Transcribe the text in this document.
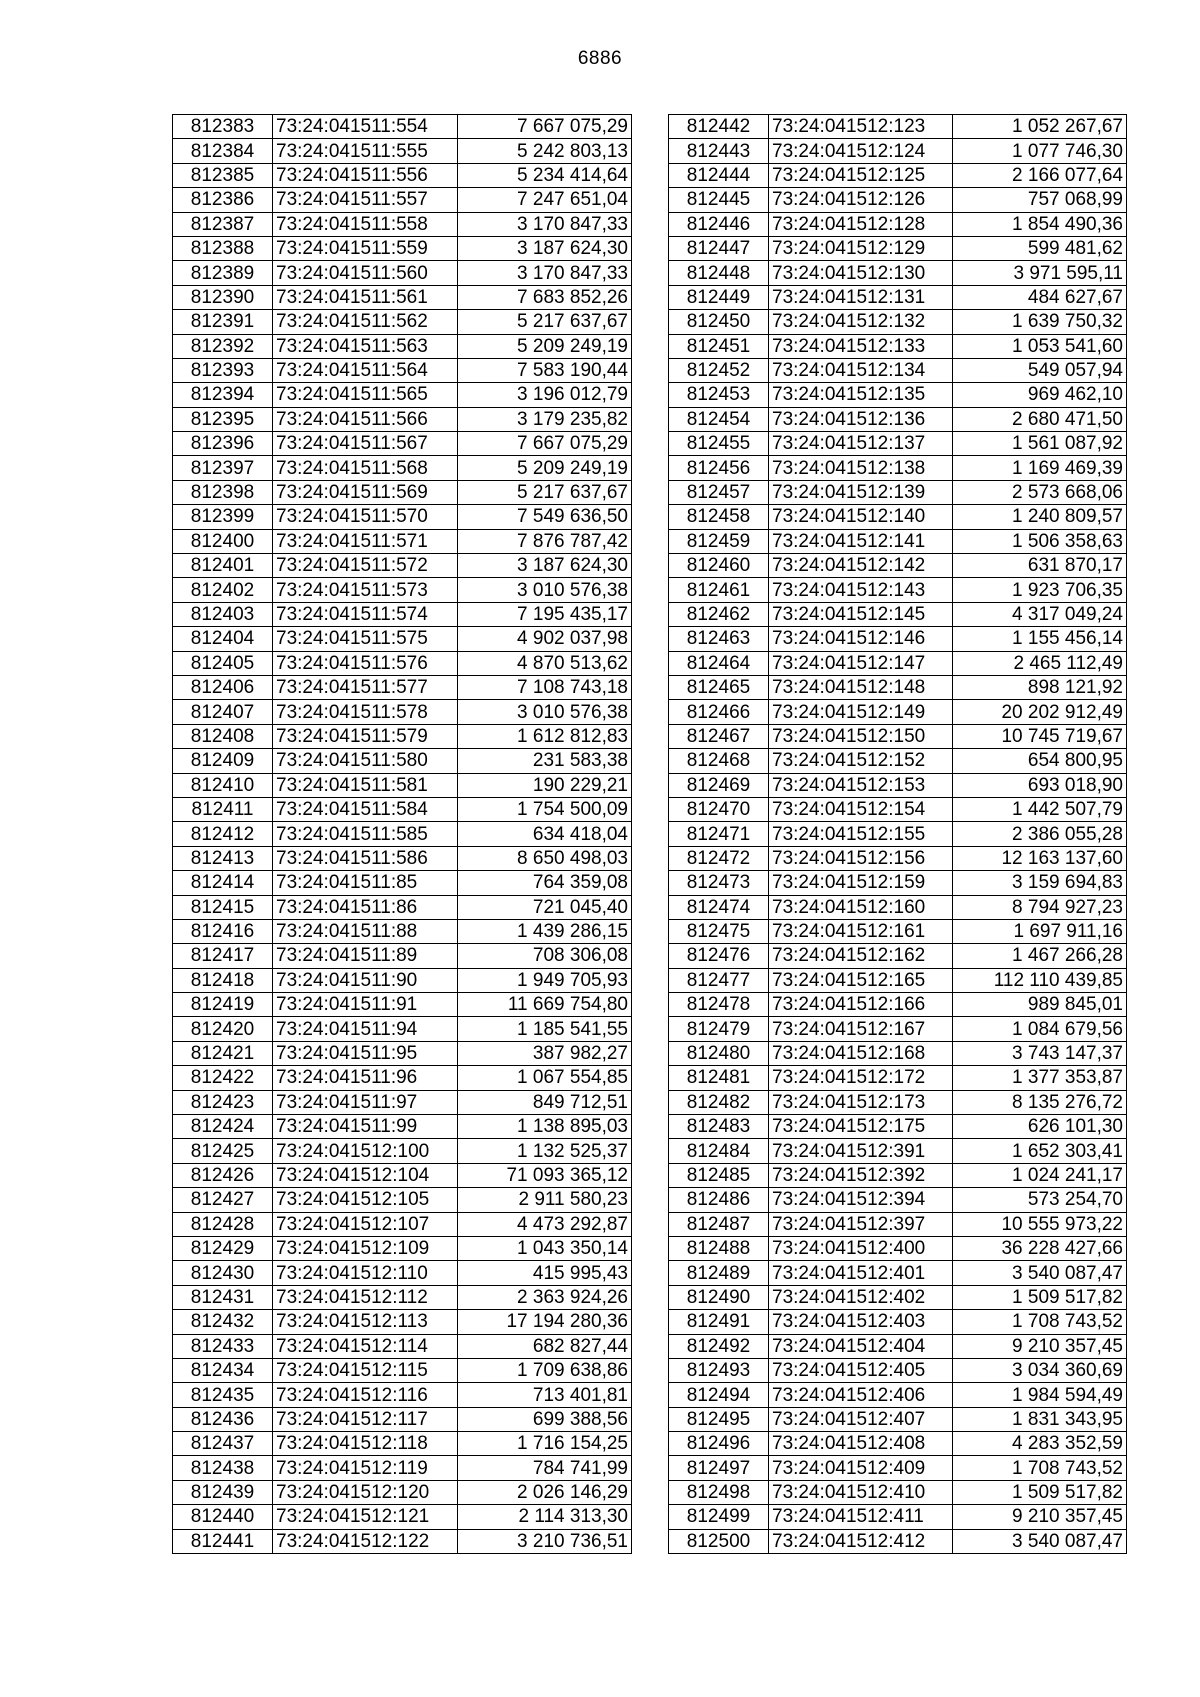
6886
812383	73:24:041511:554	7 667 075,29
812384	73:24:041511:555	5 242 803,13
812385	73:24:041511:556	5 234 414,64
812386	73:24:041511:557	7 247 651,04
812387	73:24:041511:558	3 170 847,33
812388	73:24:041511:559	3 187 624,30
812389	73:24:041511:560	3 170 847,33
812390	73:24:041511:561	7 683 852,26
812391	73:24:041511:562	5 217 637,67
812392	73:24:041511:563	5 209 249,19
812393	73:24:041511:564	7 583 190,44
812394	73:24:041511:565	3 196 012,79
812395	73:24:041511:566	3 179 235,82
812396	73:24:041511:567	7 667 075,29
812397	73:24:041511:568	5 209 249,19
812398	73:24:041511:569	5 217 637,67
812399	73:24:041511:570	7 549 636,50
812400	73:24:041511:571	7 876 787,42
812401	73:24:041511:572	3 187 624,30
812402	73:24:041511:573	3 010 576,38
812403	73:24:041511:574	7 195 435,17
812404	73:24:041511:575	4 902 037,98
812405	73:24:041511:576	4 870 513,62
812406	73:24:041511:577	7 108 743,18
812407	73:24:041511:578	3 010 576,38
812408	73:24:041511:579	1 612 812,83
812409	73:24:041511:580	231 583,38
812410	73:24:041511:581	190 229,21
812411	73:24:041511:584	1 754 500,09
812412	73:24:041511:585	634 418,04
812413	73:24:041511:586	8 650 498,03
812414	73:24:041511:85	764 359,08
812415	73:24:041511:86	721 045,40
812416	73:24:041511:88	1 439 286,15
812417	73:24:041511:89	708 306,08
812418	73:24:041511:90	1 949 705,93
812419	73:24:041511:91	11 669 754,80
812420	73:24:041511:94	1 185 541,55
812421	73:24:041511:95	387 982,27
812422	73:24:041511:96	1 067 554,85
812423	73:24:041511:97	849 712,51
812424	73:24:041511:99	1 138 895,03
812425	73:24:041512:100	1 132 525,37
812426	73:24:041512:104	71 093 365,12
812427	73:24:041512:105	2 911 580,23
812428	73:24:041512:107	4 473 292,87
812429	73:24:041512:109	1 043 350,14
812430	73:24:041512:110	415 995,43
812431	73:24:041512:112	2 363 924,26
812432	73:24:041512:113	17 194 280,36
812433	73:24:041512:114	682 827,44
812434	73:24:041512:115	1 709 638,86
812435	73:24:041512:116	713 401,81
812436	73:24:041512:117	699 388,56
812437	73:24:041512:118	1 716 154,25
812438	73:24:041512:119	784 741,99
812439	73:24:041512:120	2 026 146,29
812440	73:24:041512:121	2 114 313,30
812441	73:24:041512:122	3 210 736,51
812442	73:24:041512:123	1 052 267,67
812443	73:24:041512:124	1 077 746,30
812444	73:24:041512:125	2 166 077,64
812445	73:24:041512:126	757 068,99
812446	73:24:041512:128	1 854 490,36
812447	73:24:041512:129	599 481,62
812448	73:24:041512:130	3 971 595,11
812449	73:24:041512:131	484 627,67
812450	73:24:041512:132	1 639 750,32
812451	73:24:041512:133	1 053 541,60
812452	73:24:041512:134	549 057,94
812453	73:24:041512:135	969 462,10
812454	73:24:041512:136	2 680 471,50
812455	73:24:041512:137	1 561 087,92
812456	73:24:041512:138	1 169 469,39
812457	73:24:041512:139	2 573 668,06
812458	73:24:041512:140	1 240 809,57
812459	73:24:041512:141	1 506 358,63
812460	73:24:041512:142	631 870,17
812461	73:24:041512:143	1 923 706,35
812462	73:24:041512:145	4 317 049,24
812463	73:24:041512:146	1 155 456,14
812464	73:24:041512:147	2 465 112,49
812465	73:24:041512:148	898 121,92
812466	73:24:041512:149	20 202 912,49
812467	73:24:041512:150	10 745 719,67
812468	73:24:041512:152	654 800,95
812469	73:24:041512:153	693 018,90
812470	73:24:041512:154	1 442 507,79
812471	73:24:041512:155	2 386 055,28
812472	73:24:041512:156	12 163 137,60
812473	73:24:041512:159	3 159 694,83
812474	73:24:041512:160	8 794 927,23
812475	73:24:041512:161	1 697 911,16
812476	73:24:041512:162	1 467 266,28
812477	73:24:041512:165	112 110 439,85
812478	73:24:041512:166	989 845,01
812479	73:24:041512:167	1 084 679,56
812480	73:24:041512:168	3 743 147,37
812481	73:24:041512:172	1 377 353,87
812482	73:24:041512:173	8 135 276,72
812483	73:24:041512:175	626 101,30
812484	73:24:041512:391	1 652 303,41
812485	73:24:041512:392	1 024 241,17
812486	73:24:041512:394	573 254,70
812487	73:24:041512:397	10 555 973,22
812488	73:24:041512:400	36 228 427,66
812489	73:24:041512:401	3 540 087,47
812490	73:24:041512:402	1 509 517,82
812491	73:24:041512:403	1 708 743,52
812492	73:24:041512:404	9 210 357,45
812493	73:24:041512:405	3 034 360,69
812494	73:24:041512:406	1 984 594,49
812495	73:24:041512:407	1 831 343,95
812496	73:24:041512:408	4 283 352,59
812497	73:24:041512:409	1 708 743,52
812498	73:24:041512:410	1 509 517,82
812499	73:24:041512:411	9 210 357,45
812500	73:24:041512:412	3 540 087,47
